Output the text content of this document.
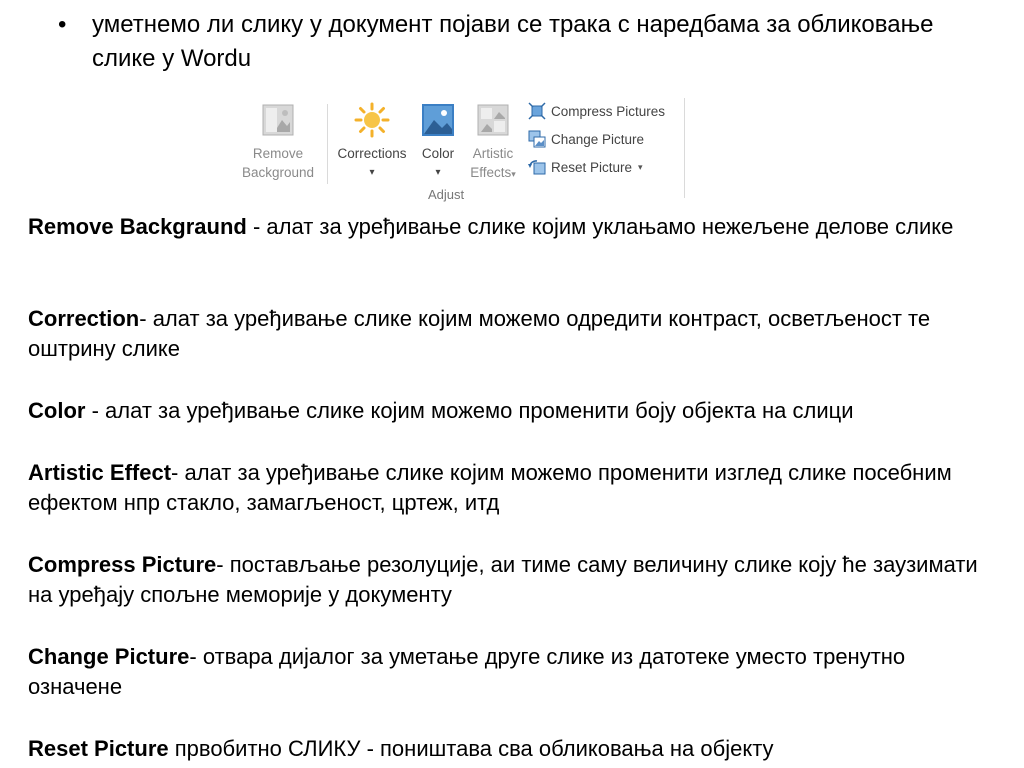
• уметнемо ли слику у документ појави се трака с наредбама за обликовање слике у Wordu
Remove
Background
Corrections
▾
Color
▾
Artistic
Effects▾
Compress Pictures
Change Picture
Reset Picture ▾
Adjust
Remove Backgraund - алат за уређивање слике којим уклањамо нежељене делове слике
Correction- алат за уређивање слике којим можемо одредити контраст, осветљеност те оштрину слике
Color - алат за уређивање слике којим можемо променити боју објекта на слици
Artistic Effect- алат за уређивање слике којим можемо променити изглед слике посебним ефектом нпр стакло, замагљеност, цртеж, итд
Compress Picture- постављање резолуције, аи тиме саму величину слике коју ће заузимати на уређају спољне меморије у документу
Change Picture- отвара дијалог за уметање друге слике из датотеке уместо тренутно означене
Reset Picture првобитно СЛИКУ - поништава сва обликовања на објекту
